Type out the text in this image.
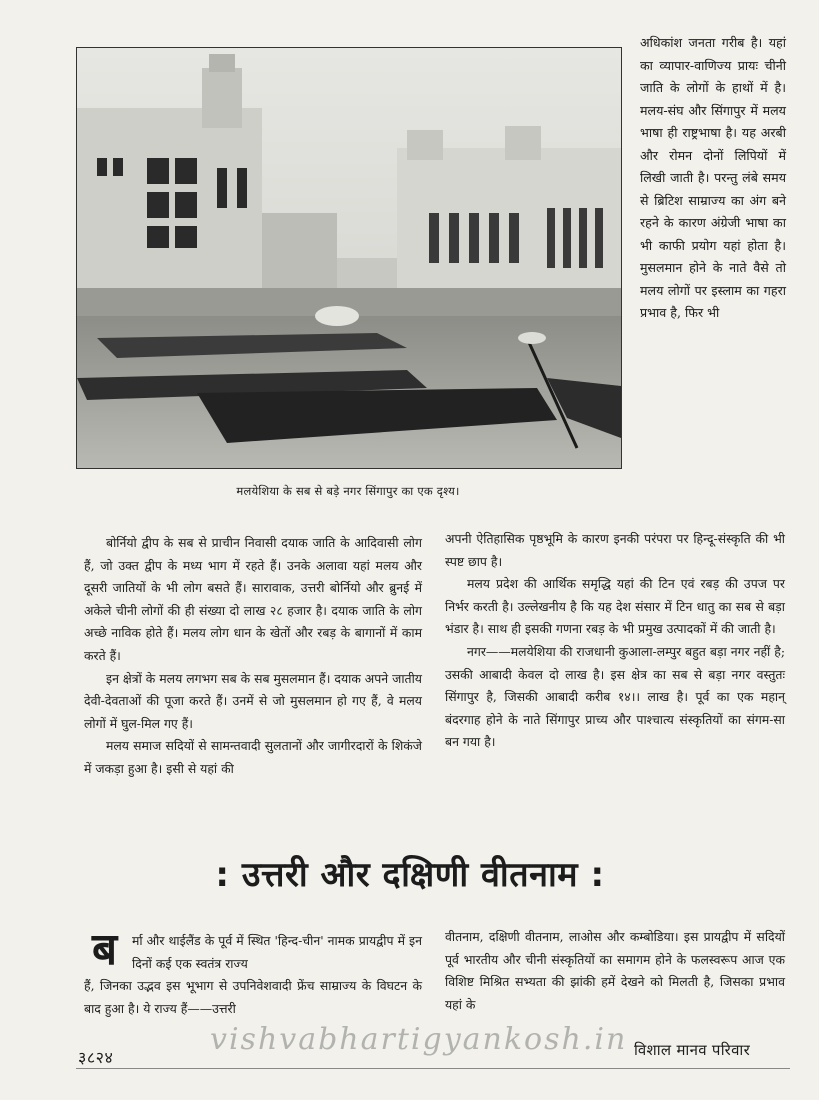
मलयेशिया के सब से बड़े नगर सिंगापुर का एक दृश्य।

अधिकांश जनता गरीब है। यहां का व्यापार-वाणिज्य प्रायः चीनी जाति के लोगों के हाथों में है। मलय-संघ और सिंगापुर में मलय भाषा ही राष्ट्रभाषा है। यह अरबी और रोमन दोनों लिपियों में लिखी जाती है। परन्तु लंबे समय से ब्रिटिश साम्राज्य का अंग बने रहने के कारण अंग्रेजी भाषा का भी काफी प्रयोग यहां होता है। मुसलमान होने के नाते वैसे तो मलय लोगों पर इस्लाम का गहरा प्रभाव है, फिर भी

बोर्नियो द्वीप के सब से प्राचीन निवासी दयाक जाति के आदिवासी लोग हैं, जो उक्त द्वीप के मध्य भाग में रहते हैं। उनके अलावा यहां मलय और दूसरी जातियों के भी लोग बसते हैं। सारावाक, उत्तरी बोर्नियो और ब्रुनई में अकेले चीनी लोगों की ही संख्या दो लाख २८ हजार है। दयाक जाति के लोग अच्छे नाविक होते हैं। मलय लोग धान के खेतों और रबड़ के बागानों में काम करते हैं।

इन क्षेत्रों के मलय लगभग सब के सब मुसलमान हैं। दयाक अपने जातीय देवी-देवताओं की पूजा करते हैं। उनमें से जो मुसलमान हो गए हैं, वे मलय लोगों में घुल-मिल गए हैं।

मलय समाज सदियों से सामन्तवादी सुलतानों और जागीरदारों के शिकंजे में जकड़ा हुआ है। इसी से यहां की

अपनी ऐतिहासिक पृष्ठभूमि के कारण इनकी परंपरा पर हिन्दू-संस्कृति की भी स्पष्ट छाप है।

मलय प्रदेश की आर्थिक समृद्धि यहां की टिन एवं रबड़ की उपज पर निर्भर करती है। उल्लेखनीय है कि यह देश संसार में टिन धातु का सब से बड़ा भंडार है। साथ ही इसकी गणना रबड़ के भी प्रमुख उत्पादकों में की जाती है।

नगर——मलयेशिया की राजधानी कुआला-लम्पुर बहुत बड़ा नगर नहीं है; उसकी आबादी केवल दो लाख है। इस क्षेत्र का सब से बड़ा नगर वस्तुतः सिंगापुर है, जिसकी आबादी करीब १४।। लाख है। पूर्व का एक महान् बंदरगाह होने के नाते सिंगापुर प्राच्य और पाश्चात्य संस्कृतियों का संगम-सा बन गया है।

: उत्तरी और दक्षिणी वीतनाम :
ब	र्मा और थाईलैंड के पूर्व में स्थित 'हिन्द-चीन' नामक प्रायद्वीप में इन दिनों कई एक स्वतंत्र राज्य

हैं, जिनका उद्भव इस भूभाग से उपनिवेशवादी फ्रेंच साम्राज्य के विघटन के बाद हुआ है। ये राज्य हैं——उत्तरी

वीतनाम, दक्षिणी वीतनाम, लाओस और कम्बोडिया। इस प्रायद्वीप में सदियों पूर्व भारतीय और चीनी संस्कृतियों का समागम होने के फलस्वरूप आज एक विशिष्ट मिश्रित सभ्यता की झांकी हमें देखने को मिलती है, जिसका प्रभाव यहां के

vishvabhartigyankosh.in
३८२४	विशाल मानव परिवार
